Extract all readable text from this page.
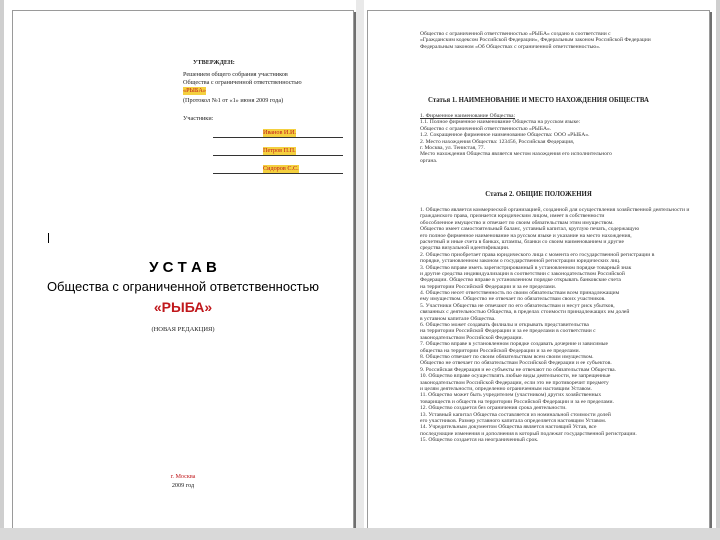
УТВЕРЖДЕН:
Решением общего собрания участников
Общества с ограниченной ответственностью
«РЫБА»
(Протокол №1 от «1» июня 2009 года)
Участники:
Иванов И.И.
Петров П.П.
Сидоров С.С.
У С Т А В
Общества с ограниченной ответственностью
«РЫБА»
(НОВАЯ РЕДАКЦИЯ)
г. Москва
2009 год
Общество с ограниченной ответственностью «РЫБА» создано в соответствии с
«Гражданским кодексом Российской Федерации», Федеральным законом Российской Федерации
Федеральным законом «Об Обществах с ограниченной ответственностью».
Статья 1. НАИМЕНОВАНИЕ И МЕСТО НАХОЖДЕНИЯ ОБЩЕСТВА
1. Фирменное наименование Общества:
1.1. Полное фирменное наименование Общества на русском языке:
Общество с ограниченной ответственностью «РЫБА».
1.2. Сокращенное фирменное наименование Общества: ООО «РЫБА».
2. Место нахождения Общества: 123456, Российская Федерация,
г. Москва, ул. Тенистая, 77.
Место нахождения Общества является местом нахождения его исполнительного
органа.
Статья 2. ОБЩИЕ ПОЛОЖЕНИЯ
1. Общество является коммерческой организацией, созданной для осуществления хозяйственной деятельности и
гражданского права, признается юридическим лицом, имеет в собственности
обособленное имущество и отвечает по своим обязательствам этим имуществом.
Общество имеет самостоятельный баланс, уставный капитал, круглую печать, содержащую
его полное фирменное наименование на русском языке и указание на место нахождения,
расчетный и иные счета в банках, штампы, бланки со своим наименованием и другие
средства визуальной идентификации.
2. Общество приобретает права юридического лица с момента его государственной регистрации в
порядке, установленном законом о государственной регистрации юридических лиц.
3. Общество вправе иметь зарегистрированный в установленном порядке товарный знак
и другие средства индивидуализации в соответствии с законодательством Российской
Федерации. Общество вправе в установленном порядке открывать банковские счета
на территории Российской Федерации и за ее пределами.
4. Общество несет ответственность по своим обязательствам всем принадлежащим
ему имуществом. Общество не отвечает по обязательствам своих участников.
5. Участники Общества не отвечают по его обязательствам и несут риск убытков,
связанных с деятельностью Общества, в пределах стоимости принадлежащих им долей
в уставном капитале Общества.
6. Общество может создавать филиалы и открывать представительства
на территории Российской Федерации и за ее пределами в соответствии с
законодательством Российской Федерации.
7. Общество вправе в установленном порядке создавать дочерние и зависимые
общества на территории Российской Федерации и за ее пределами.
8. Общество отвечает по своим обязательствам всем своим имуществом.
Общество не отвечает по обязательствам Российской Федерации и ее субъектов.
9. Российская Федерация и ее субъекты не отвечают по обязательствам Общества.
10. Общество вправе осуществлять любые виды деятельности, не запрещенные
законодательством Российской Федерации, если это не противоречит предмету
и целям деятельности, определенно ограниченным настоящим Уставом.
11. Общество может быть учредителем (участником) других хозяйственных
товариществ и обществ на территории Российской Федерации и за ее пределами.
12. Общество создается без ограничения срока деятельности.
13. Уставный капитал Общества составляется из номинальной стоимости долей
его участников. Размер уставного капитала определяется настоящим Уставом.
14. Учредительным документом Общества является настоящий Устав, все
последующие изменения и дополнения в который подлежат государственной регистрации.
15. Общество создается на неограниченный срок.
